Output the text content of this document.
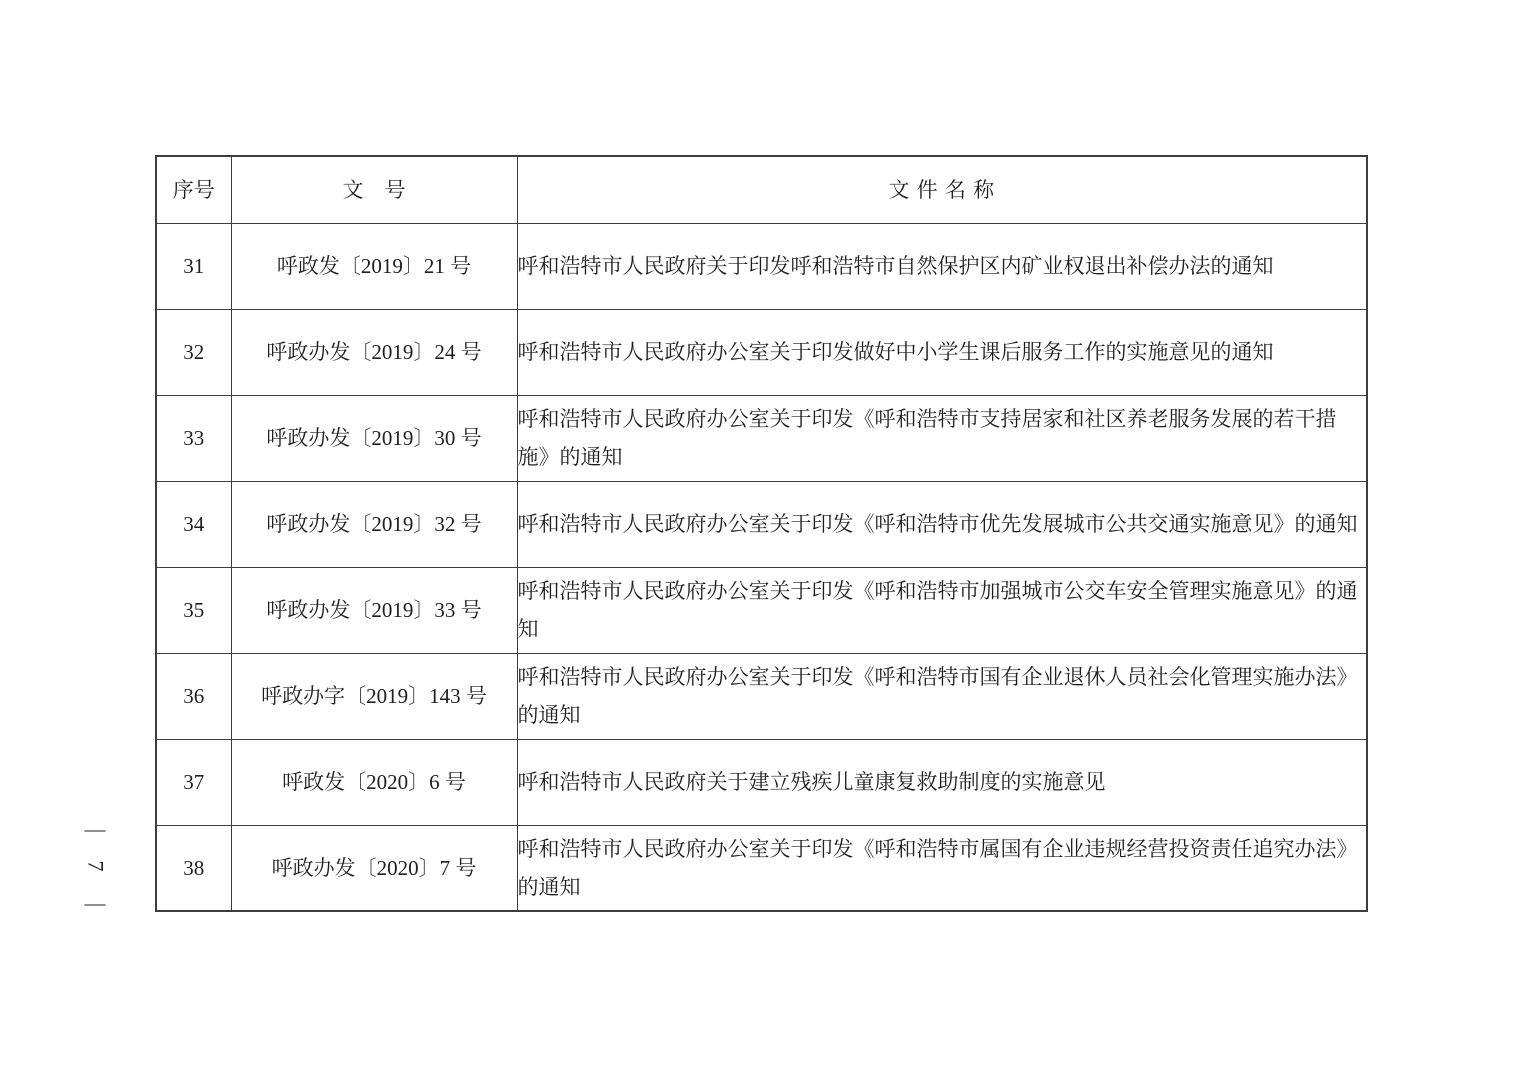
—
7
—
序号	文　号	文 件 名 称
31	呼政发〔2019〕21 号	呼和浩特市人民政府关于印发呼和浩特市自然保护区内矿业权退出补偿办法的通知
32	呼政办发〔2019〕24 号	呼和浩特市人民政府办公室关于印发做好中小学生课后服务工作的实施意见的通知
33	呼政办发〔2019〕30 号	呼和浩特市人民政府办公室关于印发《呼和浩特市支持居家和社区养老服务发展的若干措施》的通知
34	呼政办发〔2019〕32 号	呼和浩特市人民政府办公室关于印发《呼和浩特市优先发展城市公共交通实施意见》的通知
35	呼政办发〔2019〕33 号	呼和浩特市人民政府办公室关于印发《呼和浩特市加强城市公交车安全管理实施意见》的通知
36	呼政办字〔2019〕143 号	呼和浩特市人民政府办公室关于印发《呼和浩特市国有企业退休人员社会化管理实施办法》的通知
37	呼政发〔2020〕6 号	呼和浩特市人民政府关于建立残疾儿童康复救助制度的实施意见
38	呼政办发〔2020〕7 号	呼和浩特市人民政府办公室关于印发《呼和浩特市属国有企业违规经营投资责任追究办法》的通知
